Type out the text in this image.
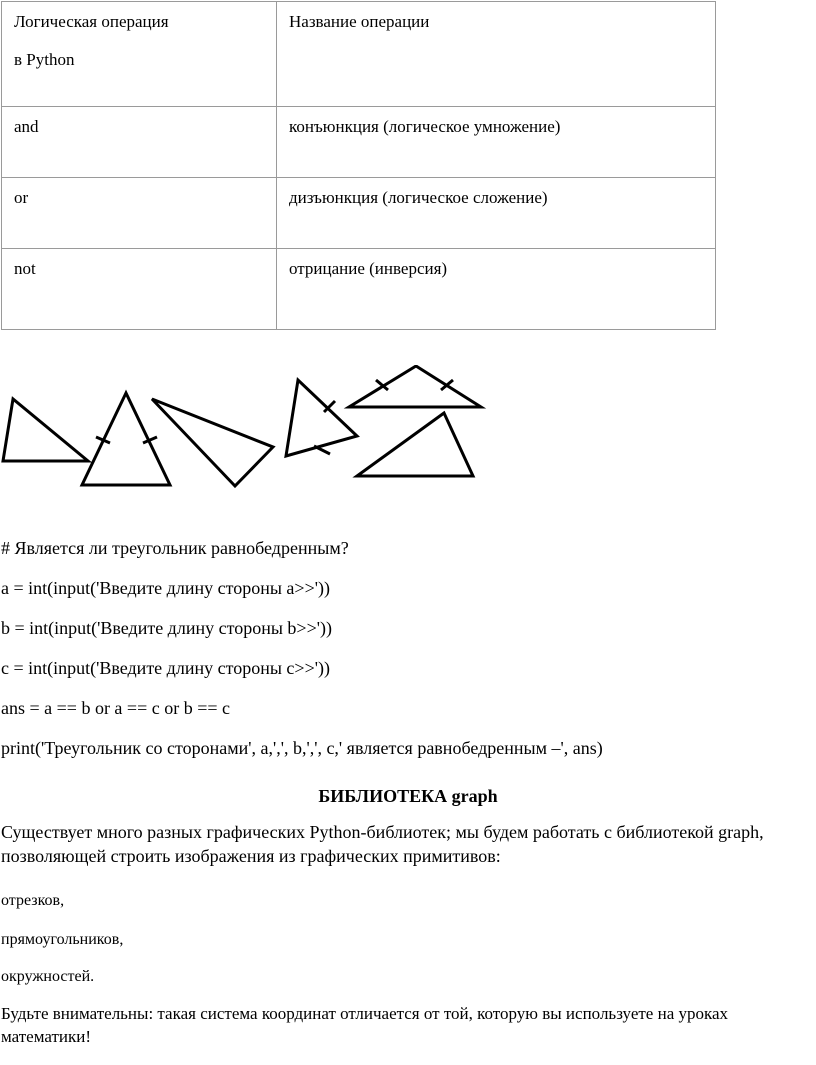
Логическая операция
в Python	Название операции

and	конъюнкция (логическое умножение)

or	дизъюнкция (логическое сложение)

not	отрицание (инверсия)
# Является ли треугольник равнобедренным?
a = int(input('Введите длину стороны a>>'))
b = int(input('Введите длину стороны b>>'))
c = int(input('Введите длину стороны c>>'))
ans = a == b or a == c or b == c
print('Треугольник со сторонами', a,',', b,',', c,' является равнобедренным –', ans)
БИБЛИОТЕКА graph
Существует много разных графических Python-библиотек; мы будем работать с библиотекой graph, позволяющей строить изображения из графических примитивов:
отрезков,
прямоугольников,
окружностей.
Будьте внимательны: такая система координат отличается от той, которую вы используете на уроках математики!
